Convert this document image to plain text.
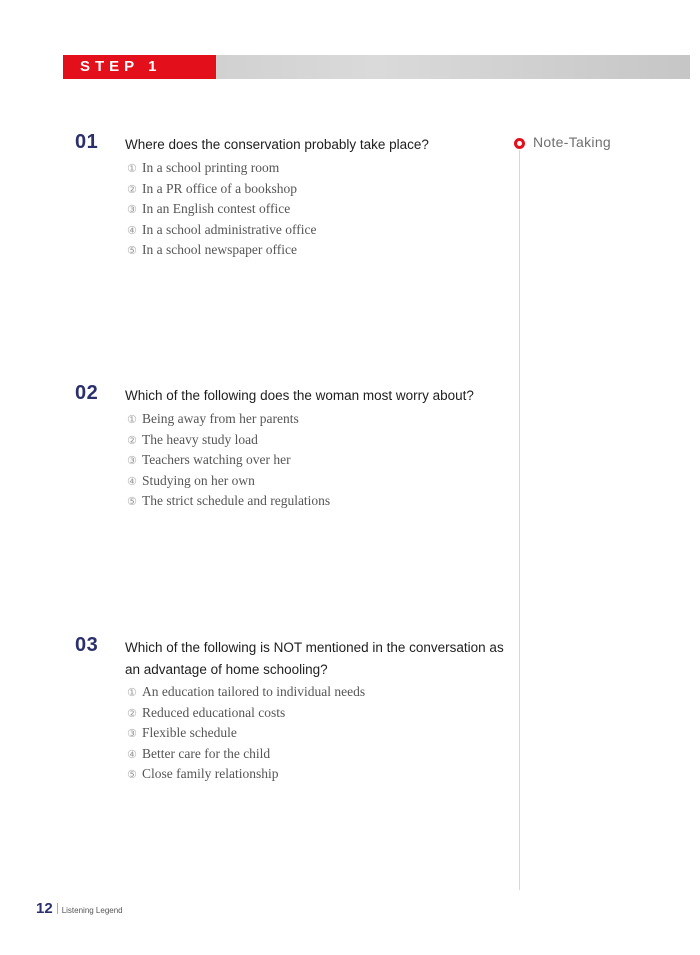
STEP 1
01 Where does the conservation probably take place?
① In a school printing room
② In a PR office of a bookshop
③ In an English contest office
④ In a school administrative office
⑤ In a school newspaper office
02 Which of the following does the woman most worry about?
① Being away from her parents
② The heavy study load
③ Teachers watching over her
④ Studying on her own
⑤ The strict schedule and regulations
03 Which of the following is NOT mentioned in the conversation as an advantage of home schooling?
① An education tailored to individual needs
② Reduced educational costs
③ Flexible schedule
④ Better care for the child
⑤ Close family relationship
Note-Taking
12 Listening Legend
